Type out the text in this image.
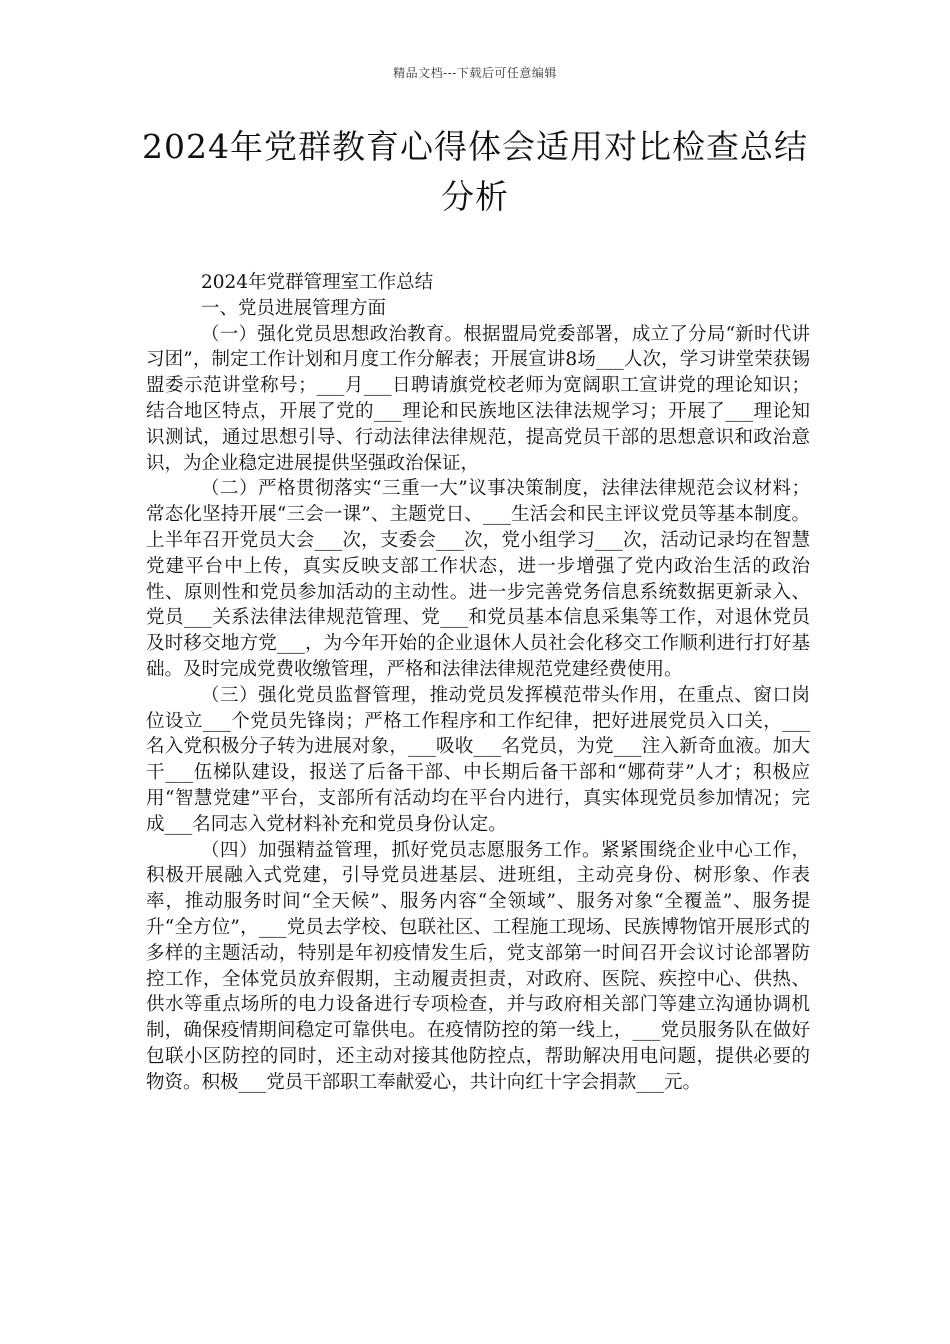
精品文档---下载后可任意编辑
2024年党群教育心得体会适用对比检查总结分析

2024年党群管理室工作总结

一、党员进展管理方面

（一）强化党员思想政治教育。根据盟局党委部署，成立了分局“新时代讲习团”，制定工作计划和月度工作分解表；开展宣讲8场___人次，学习讲堂荣获锡盟委示范讲堂称号；___月___日聘请旗党校老师为宽阔职工宣讲党的理论知识；结合地区特点，开展了党的___理论和民族地区法律法规学习；开展了___理论知识测试，通过思想引导、行动法律法律规范，提高党员干部的思想意识和政治意识，为企业稳定进展提供坚强政治保证，

（二）严格贯彻落实“三重一大”议事决策制度，法律法律规范会议材料；常态化坚持开展“三会一课”、主题党日、___生活会和民主评议党员等基本制度。上半年召开党员大会___次，支委会___次，党小组学习___次，活动记录均在智慧党建平台中上传，真实反映支部工作状态，进一步增强了党内政治生活的政治性、原则性和党员参加活动的主动性。进一步完善党务信息系统数据更新录入、党员___关系法律法律规范管理、党___和党员基本信息采集等工作，对退休党员及时移交地方党___，为今年开始的企业退休人员社会化移交工作顺利进行打好基础。及时完成党费收缴管理，严格和法律法律规范党建经费使用。

（三）强化党员监督管理，推动党员发挥模范带头作用，在重点、窗口岗位设立___个党员先锋岗；严格工作程序和工作纪律，把好进展党员入口关，___名入党积极分子转为进展对象，___吸收___名党员，为党___注入新奇血液。加大干___伍梯队建设，报送了后备干部、中长期后备干部和“娜荷芽”人才；积极应用“智慧党建”平台，支部所有活动均在平台内进行，真实体现党员参加情况；完成___名同志入党材料补充和党员身份认定。

（四）加强精益管理，抓好党员志愿服务工作。紧紧围绕企业中心工作，积极开展融入式党建，引导党员进基层、进班组，主动亮身份、树形象、作表率，推动服务时间“全天候”、服务内容“全领域”、服务对象“全覆盖”、服务提升“全方位”，___党员去学校、包联社区、工程施工现场、民族博物馆开展形式的多样的主题活动，特别是年初疫情发生后，党支部第一时间召开会议讨论部署防控工作，全体党员放弃假期，主动履责担责，对政府、医院、疾控中心、供热、供水等重点场所的电力设备进行专项检查，并与政府相关部门等建立沟通协调机制，确保疫情期间稳定可靠供电。在疫情防控的第一线上，___党员服务队在做好包联小区防控的同时，还主动对接其他防控点，帮助解决用电问题，提供必要的物资。积极___党员干部职工奉献爱心，共计向红十字会捐款___元。
